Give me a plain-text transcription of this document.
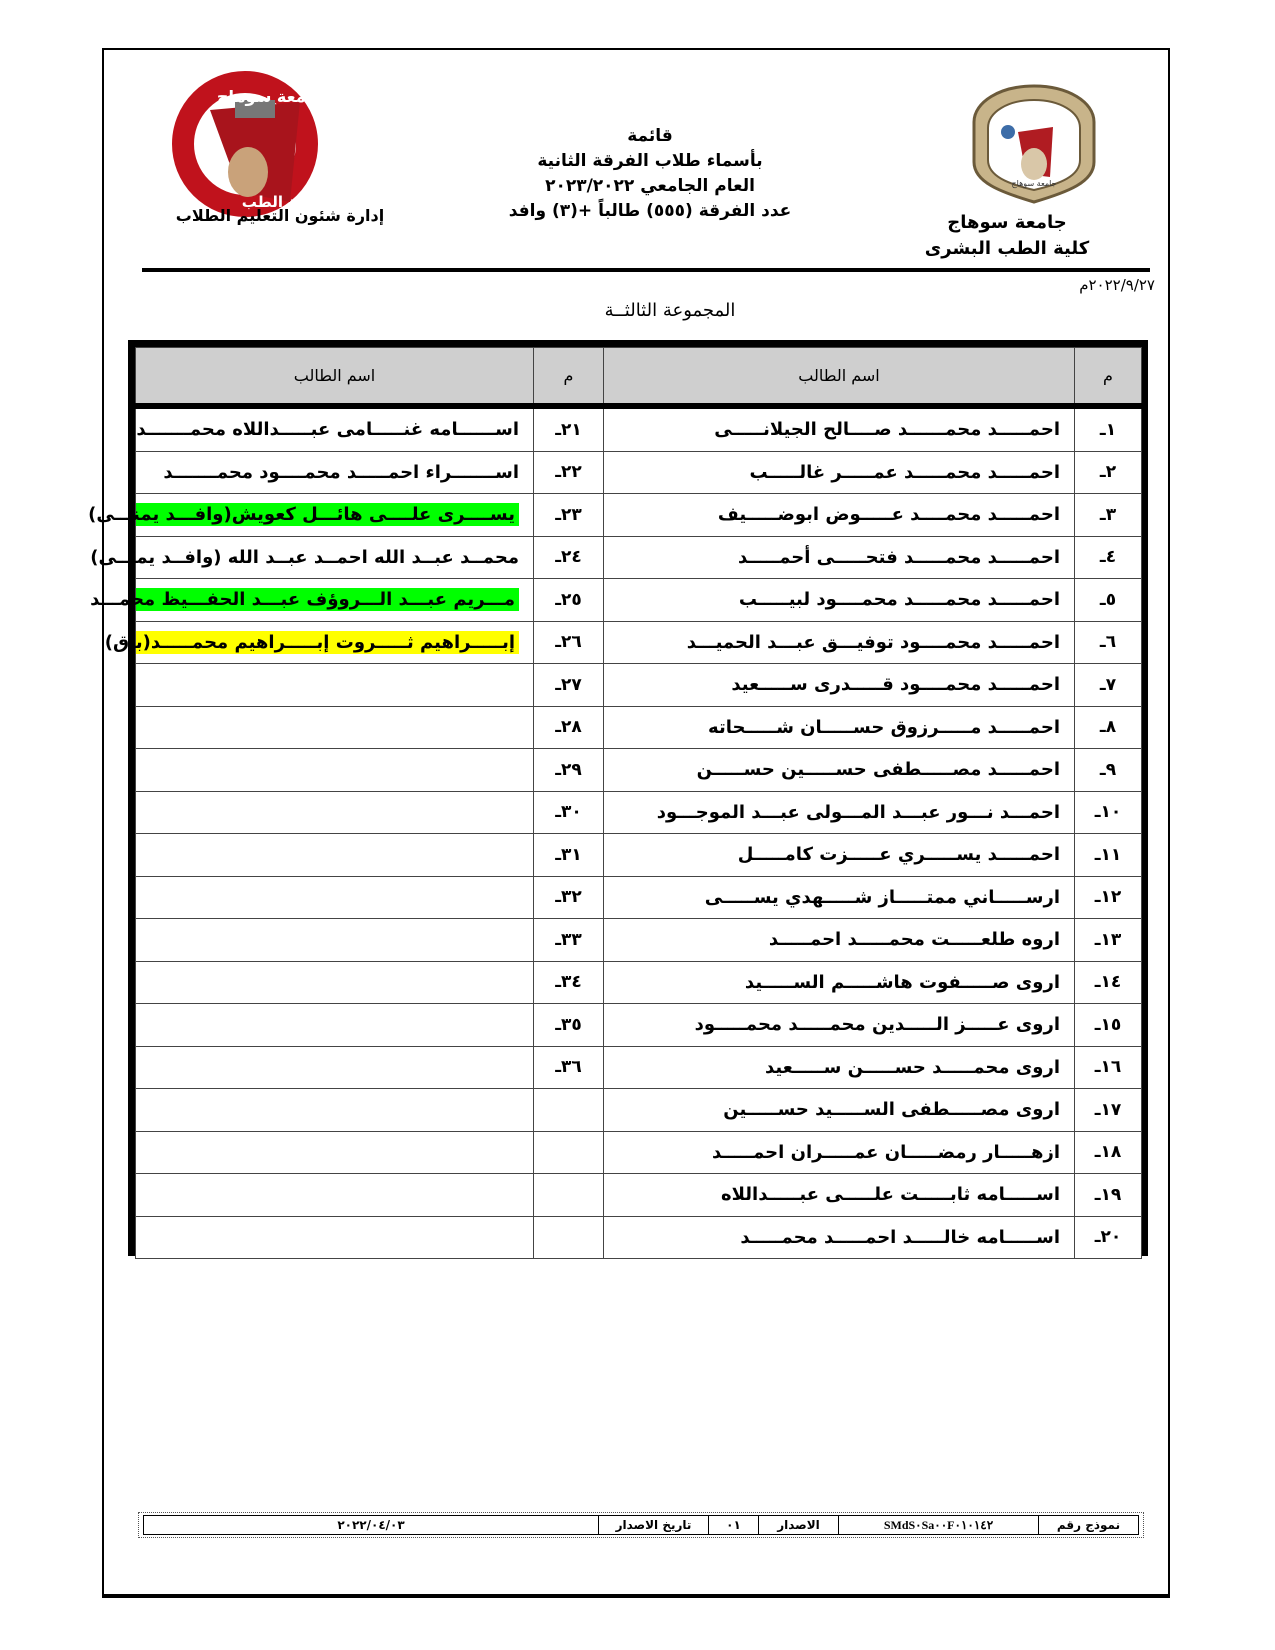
جامعة سوهاج
كلية الطب
جامعة سوهاج
قائمة
بأسماء طلاب الفرقة الثانية
العام الجامعي ٢٠٢٣/٢٠٢٢
عدد الفرقة (٥٥٥) طالباً +(٣) وافد
جامعة سوهاج
كلية الطب البشرى
إدارة شئون التعليم الطلاب
٢٠٢٢/٩/٢٧م
المجموعة الثالثــة
م	اسم الطالب	م	اسم الطالب
١ـ	احمـــــد محمــــــد صــــالح الجيلانـــــى	٢١ـ	اســــــامه غنـــــامى عبـــــداللاه محمـــــــد
٢ـ	احمـــــد محمـــــد عمـــــر غالـــــب	٢٢ـ	اســـــــراء احمـــــد محمــــود محمـــــــد
٣ـ	احمـــــد محمــــد عـــــوض ابوضـــــيف	٢٣ـ	يســــرى علــــى هائـــل كعويش(وافـــد يمنـــى)
٤ـ	احمـــــد محمـــــد فتحـــــى أحمـــــد	٢٤ـ	محمــد عبــد الله احمــد عبــد الله (وافــد يمنــى)
٥ـ	احمـــــد محمـــــد محمــــود لبيـــــب	٢٥ـ	مـــريم عبـــد الـــروؤف عبـــد الحفـــيظ محمـــد
٦ـ	احمـــــد محمــــود توفيـــق عبـــد الحميـــد	٢٦ـ	إبـــــراهيم ثـــــروت إبـــــراهيم محمـــــد(باق)
٧ـ	احمـــــد محمــــود قـــــدرى ســـــعيد	٢٧ـ	
٨ـ	احمـــــد مـــــرزوق حســـــان شـــــحاته	٢٨ـ	
٩ـ	احمـــــد مصـــــطفى حســـــين حســـــن	٢٩ـ	
١٠ـ	احمـــد نـــور عبـــد المـــولى عبـــد الموجـــود	٣٠ـ	
١١ـ	احمـــــد يســـــري عـــــزت كامـــــل	٣١ـ	
١٢ـ	ارســـــاني ممتـــــاز شـــــهدي يســـــى	٣٢ـ	
١٣ـ	اروه طلعـــــت محمـــــد احمـــــد	٣٣ـ	
١٤ـ	اروى صـــــفوت هاشـــــم الســـــيد	٣٤ـ	
١٥ـ	اروى عـــــز الـــــدين محمـــــد محمـــــود	٣٥ـ	
١٦ـ	اروى محمـــــد حســـــن ســـــعيد	٣٦ـ	
١٧ـ	اروى مصـــــطفى الســـــيد حســـــين		
١٨ـ	ازهـــــار رمضـــــان عمـــــران احمـــــد		
١٩ـ	اســـــامه ثابـــــت علـــــى عبـــــداللاه		
٢٠ـ	اســـــامه خالـــــد احمـــــد محمـــــد		
نموذج رقم	SMdS٠Sa٠٠F٠١٠١٤٢	الاصدار	٠١	تاريخ الاصدار	٢٠٢٢/٠٤/٠٣
